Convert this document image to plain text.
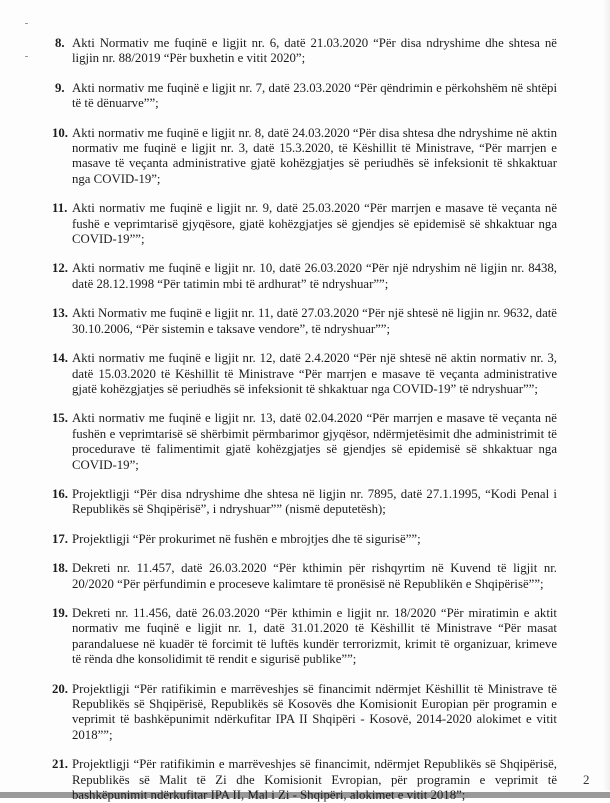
8. Akti Normativ me fuqinë e ligjit nr. 6, datë 21.03.2020 “Për disa ndryshime dhe shtesa në ligjin nr. 88/2019 “Për buxhetin e vitit 2020”;
9. Akti normativ me fuqinë e ligjit nr. 7, datë 23.03.2020 “Për qëndrimin e përkohshëm në shtëpi të të dënuarve””;
10. Akti normativ me fuqinë e ligjit nr. 8, datë 24.03.2020 “Për disa shtesa dhe ndryshime në aktin normativ me fuqinë e ligjit nr. 3, datë 15.3.2020, të Këshillit të Ministrave, “Për marrjen e masave të veçanta administrative gjatë kohëzgjatjes së periudhës së infeksionit të shkaktuar nga COVID-19”;
11. Akti normativ me fuqinë e ligjit nr. 9, datë 25.03.2020 “Për marrjen e masave të veçanta në fushë e veprimtarisë gjyqësore, gjatë kohëzgjatjes së gjendjes së epidemisë së shkaktuar nga COVID-19””;
12. Akti normativ me fuqinë e ligjit nr. 10, datë 26.03.2020 “Për një ndryshim në ligjin nr. 8438, datë 28.12.1998 “Për tatimin mbi të ardhurat” të ndryshuar””;
13. Akti Normativ me fuqinë e ligjit nr. 11, datë 27.03.2020 “Për një shtesë në ligjin nr. 9632, datë 30.10.2006, “Për sistemin e taksave vendore”, të ndryshuar””;
14. Akti normativ me fuqinë e ligjit nr. 12, datë 2.4.2020 “Për një shtesë në aktin normativ nr. 3, datë 15.03.2020 të Këshillit të Ministrave “Për marrjen e masave të veçanta administrative gjatë kohëzgjatjes së periudhës së infeksionit të shkaktuar nga COVID-19” të ndryshuar””;
15. Akti normativ me fuqinë e ligjit nr. 13, datë 02.04.2020 “Për marrjen e masave të veçanta në fushën e veprimtarisë së shërbimit përmbarimor gjyqësor, ndërmjetësimit dhe administrimit të procedurave të falimentimit gjatë kohëzgjatjes së gjendjes së epidemisë së shkaktuar nga COVID-19”;
16. Projektligji “Për disa ndryshime dhe shtesa në ligjin nr. 7895, datë 27.1.1995, “Kodi Penal i Republikës së Shqipërisë”, i ndryshuar”” (nismë deputetësh);
17. Projektligji “Për prokurimet në fushën e mbrojtjes dhe të sigurisë””;
18. Dekreti nr. 11.457, datë 26.03.2020 “Për kthimin për rishqyrtim në Kuvend të ligjit nr. 20/2020 “Për përfundimin e proceseve kalimtare të pronësisë në Republikën e Shqipërisë””;
19. Dekreti nr. 11.456, datë 26.03.2020 “Për kthimin e ligjit nr. 18/2020 “Për miratimin e aktit normativ me fuqinë e ligjit nr. 1, datë 31.01.2020 të Këshillit të Ministrave “Për masat parandaluese në kuadër të forcimit të luftës kundër terrorizmit, krimit të organizuar, krimeve të rënda dhe konsolidimit të rendit e sigurisë publike””;
20. Projektligji “Për ratifikimin e marrëveshjes së financimit ndërmjet Këshillit të Ministrave të Republikës së Shqipërisë, Republikës së Kosovës dhe Komisionit Europian për programin e veprimit të bashkëpunimit ndërkufitar IPA II Shqipëri - Kosovë, 2014-2020 alokimet e vitit 2018””;
21. Projektligji “Për ratifikimin e marrëveshjes së financimit, ndërmjet Republikës së Shqipërisë, Republikës së Malit të Zi dhe Komisionit Evropian, për programin e veprimit të bashkëpunimit ndërkufitar IPA II, Mal i Zi - Shqipëri, alokimet e vitit 2018”;
2
